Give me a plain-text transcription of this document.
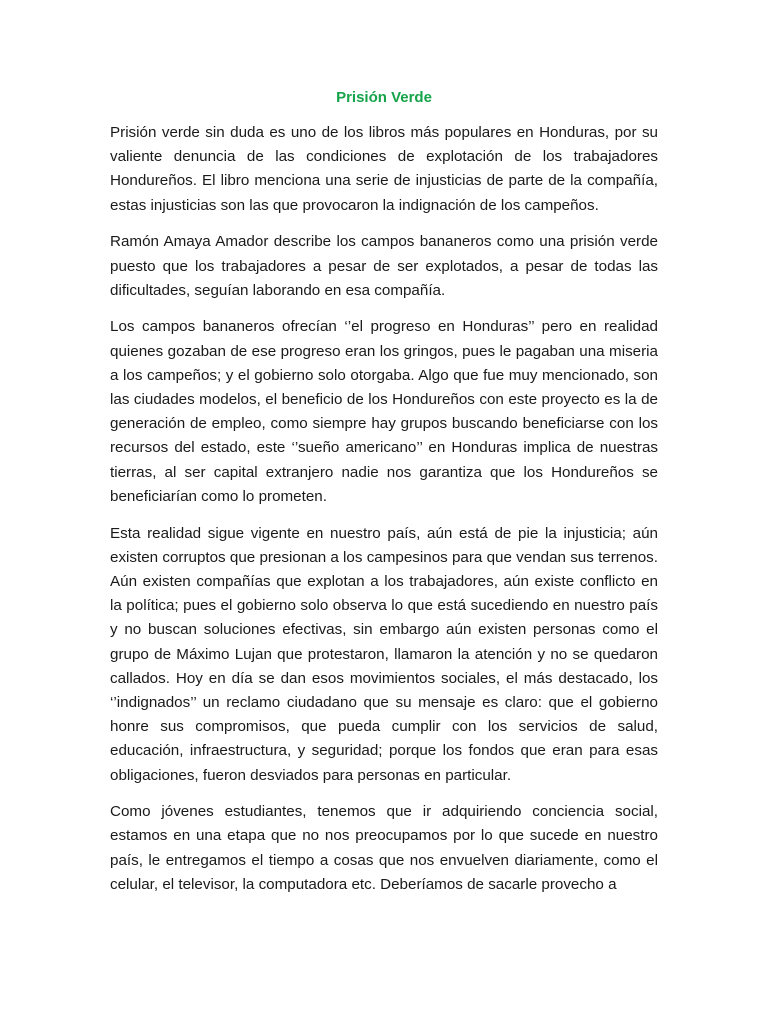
Prisión Verde

Prisión verde sin duda es uno de los libros más populares en Honduras, por su valiente denuncia de las condiciones de explotación de los trabajadores Hondureños. El libro menciona una serie de injusticias de parte de la compañía, estas injusticias son las que provocaron la indignación de los campeños.

Ramón Amaya Amador describe los campos bananeros como una prisión verde puesto que los trabajadores a pesar de ser explotados, a pesar de todas las dificultades, seguían laborando en esa compañía.

Los campos bananeros ofrecían ‘’el progreso en Honduras’’ pero en realidad quienes gozaban de ese progreso eran los gringos, pues le pagaban una miseria a los campeños; y el gobierno solo otorgaba. Algo que fue muy mencionado, son las ciudades modelos, el beneficio de los Hondureños con este proyecto es la de generación de empleo, como siempre hay grupos buscando beneficiarse con los recursos del estado, este ‘’sueño americano’’ en Honduras implica de nuestras tierras, al ser capital extranjero nadie nos garantiza que los Hondureños se beneficiarían como lo prometen.

Esta realidad sigue vigente en nuestro país, aún está de pie la injusticia; aún existen corruptos que presionan a los campesinos para que vendan sus terrenos. Aún existen compañías que explotan a los trabajadores, aún existe conflicto en la política; pues el gobierno solo observa lo que está sucediendo en nuestro país y no buscan soluciones efectivas, sin embargo aún existen personas como el grupo de Máximo Lujan que protestaron, llamaron la atención y no se quedaron callados. Hoy en día se dan esos movimientos sociales, el más destacado, los ‘’indignados’’ un reclamo ciudadano que su mensaje es claro: que el gobierno honre sus compromisos, que pueda cumplir con los servicios de salud, educación, infraestructura, y seguridad; porque los fondos que eran para esas obligaciones, fueron desviados para personas en particular.

Como jóvenes estudiantes, tenemos que ir adquiriendo conciencia social, estamos en una etapa que no nos preocupamos por lo que sucede en nuestro país, le entregamos el tiempo a cosas que nos envuelven diariamente, como el celular, el televisor, la computadora etc. Deberíamos de sacarle provecho a
